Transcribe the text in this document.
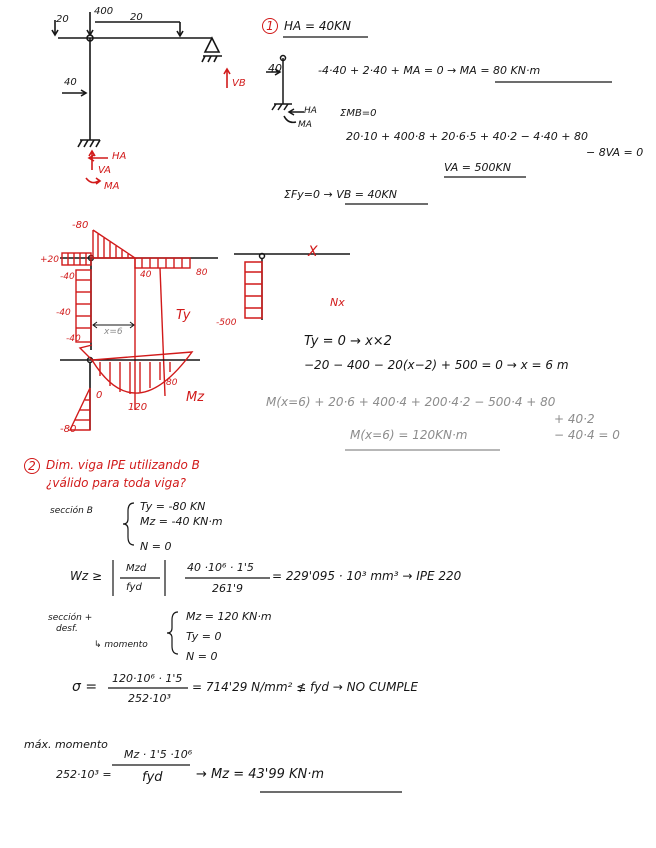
20
400
20
40	VB
HA
VA
MA
1 HA = 40KN
40	-4·40 + 2·40 + MA = 0 → MA = 80 KN·m
HA
MA
ΣMB=0
20·10 + 400·8 + 20·6·5 + 40·2 − 4·40 + 80
− 8VA = 0
VA = 500KN
ΣFy=0 → VB = 40KN
-80
+20
-40	40	80
-40
-40
x=6
Ty	-500
X
Nx
0
80
120
Mz
-80
Ty = 0 → x×2
−20 − 400 − 20(x−2) + 500 = 0 → x = 6 m
M(x=6) + 20·6 + 400·4 + 200·4·2 − 500·4 + 80
+ 40·2
− 40·4 = 0
M(x=6) = 120KN·m
2 Dim. viga IPE utilizando B
¿válido para toda viga?
sección B	Ty = -80 KN
Mz = -40 KN·m
N = 0
Wz ≥
Mzd
fyd
40 ·10⁶ · 1'5
261'9
= 229'095 · 10³ mm³ → IPE 220
sección +
desf.
↳ momento
Mz = 120 KN·m
Ty = 0
N = 0
σ =
120·10⁶ · 1'5
252·10³
= 714'29 N/mm² ≰ fyd → NO CUMPLE
máx. momento
252·10³ =
Mz · 1'5 ·10⁶
fyd	→ Mz = 43'99 KN·m
